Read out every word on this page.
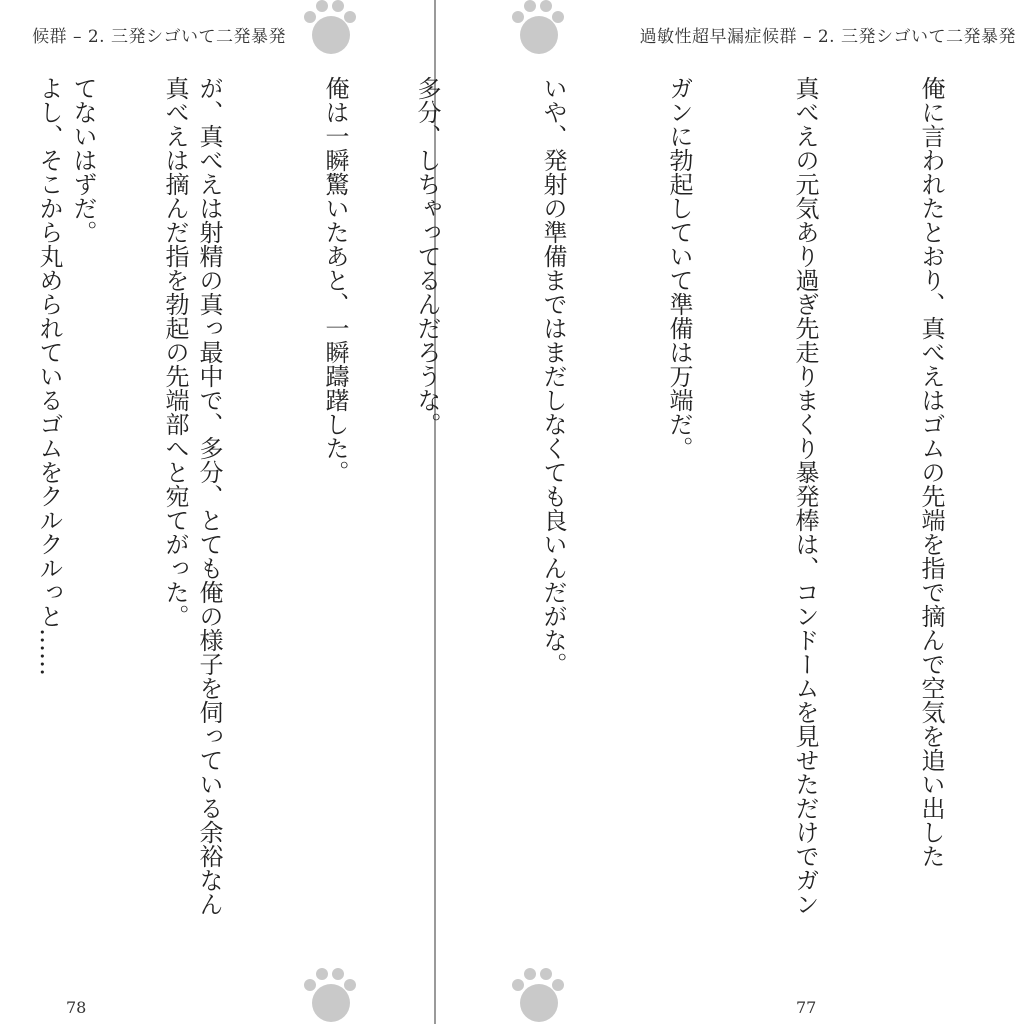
候群 – 2. 三発シゴいて二発暴発

俺は一瞬驚いたあと、一瞬躊躇した。

が、真べえは射精の真っ最中で、多分、とても俺の様子を伺っている余裕なん

てないはずだ。

78
過敏性超早漏症候群 – 2. 三発シゴいて二発暴発

俺に言われたとおり、真べえはゴムの先端を指で摘んで空気を追い出した

真べえの元気あり過ぎ先走りまくり暴発棒は、コンドームを見せただけでガン

ガンに勃起していて準備は万端だ。

いや、発射の準備まではまだしなくても良いんだがな。

多分、しちゃってるんだろうな。

真べえは摘んだ指を勃起の先端部へと宛てがった。

よし、そこから丸められているゴムをクルクルっと……

77
